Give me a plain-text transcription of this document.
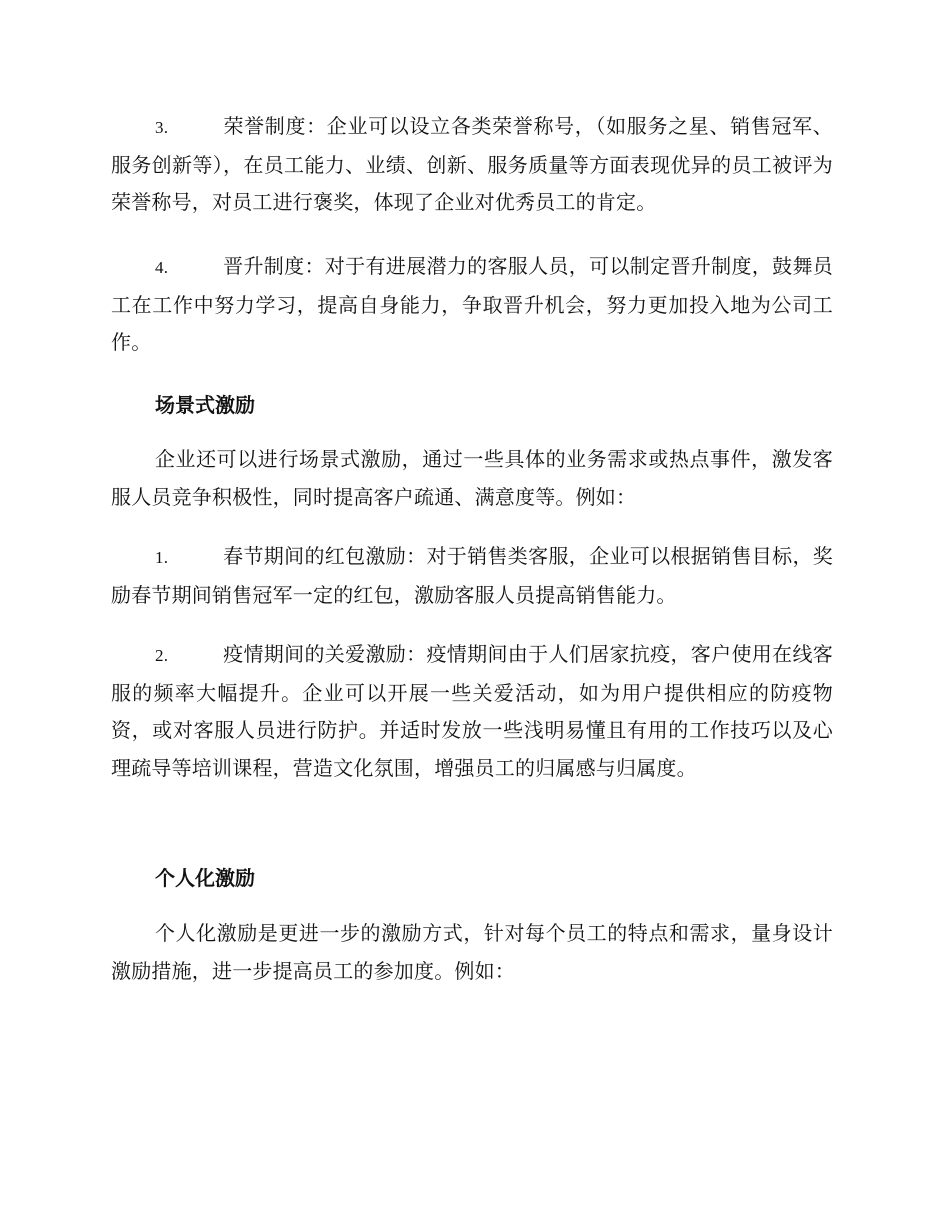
3.	荣誉制度：企业可以设立各类荣誉称号，（如服务之星、销售冠军、服务创新等），在员工能力、业绩、创新、服务质量等方面表现优异的员工被评为荣誉称号，对员工进行褒奖，体现了企业对优秀员工的肯定。

4.	晋升制度：对于有进展潜力的客服人员，可以制定晋升制度，鼓舞员工在工作中努力学习，提高自身能力，争取晋升机会，努力更加投入地为公司工作。

场景式激励

企业还可以进行场景式激励，通过一些具体的业务需求或热点事件，激发客服人员竞争积极性，同时提高客户疏通、满意度等。例如：

1.	春节期间的红包激励：对于销售类客服，企业可以根据销售目标，奖励春节期间销售冠军一定的红包，激励客服人员提高销售能力。

2.	疫情期间的关爱激励：疫情期间由于人们居家抗疫，客户使用在线客服的频率大幅提升。企业可以开展一些关爱活动，如为用户提供相应的防疫物资，或对客服人员进行防护。并适时发放一些浅明易懂且有用的工作技巧以及心理疏导等培训课程，营造文化氛围，增强员工的归属感与归属度。

个人化激励

个人化激励是更进一步的激励方式，针对每个员工的特点和需求，量身设计激励措施，进一步提高员工的参加度。例如：
